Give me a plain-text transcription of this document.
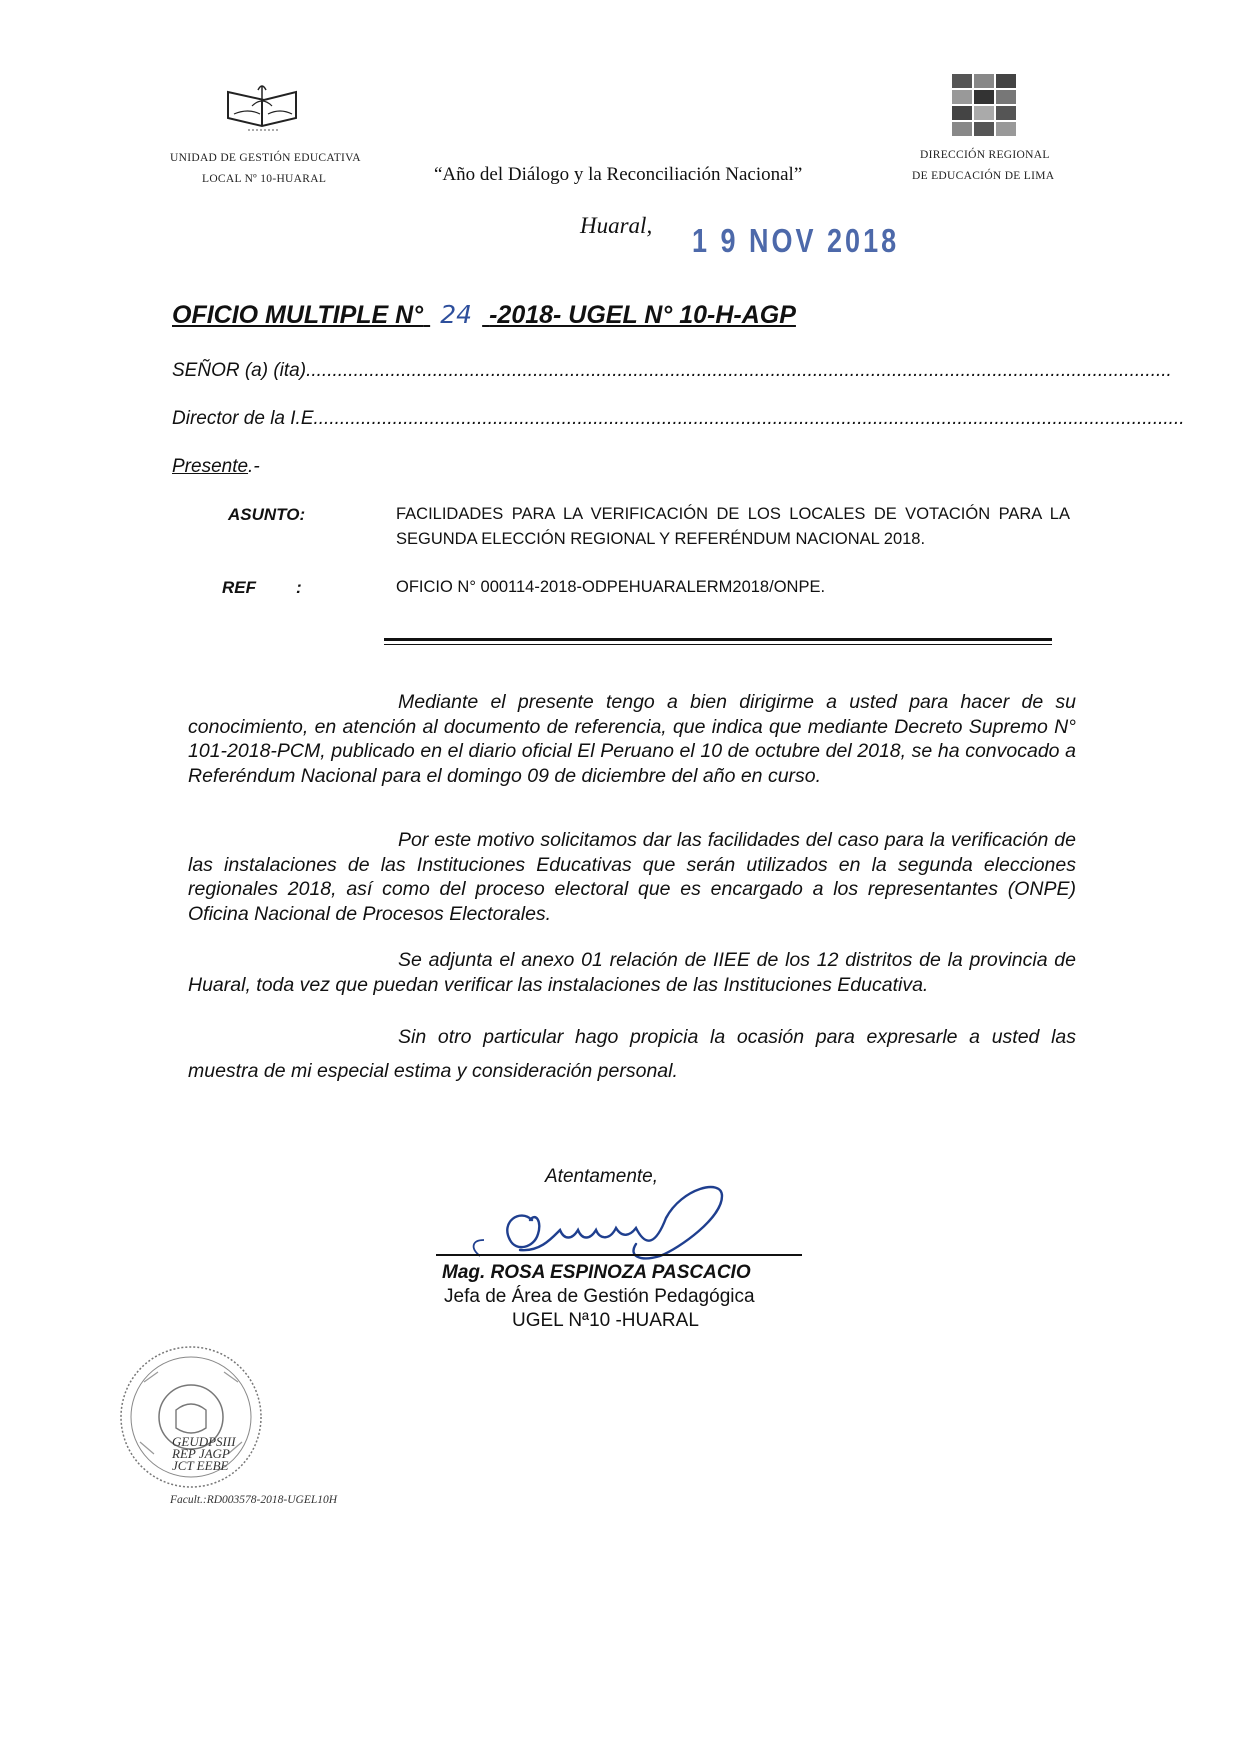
UNIDAD DE GESTIÓN EDUCATIVA
LOCAL Nº 10-HUARAL	“Año del Diálogo y la Reconciliación Nacional”
DIRECCIÓN REGIONAL
DE EDUCACIÓN DE LIMA
Huaral, 1 9 NOV 2018
OFICIO MULTIPLE N° 24 -2018- UGEL N° 10-H-AGP
SEÑOR (a) (ita)....................................................................................................................................................................
Director de la I.E.....................................................................................................................................................................
Presente.-
ASUNTO:	FACILIDADES PARA LA VERIFICACIÓN DE LOS LOCALES DE VOTACIÓN PARA LA SEGUNDA ELECCIÓN REGIONAL Y REFERÉNDUM NACIONAL 2018.
REF :	OFICIO N° 000114-2018-ODPEHUARALERM2018/ONPE.

Mediante el presente tengo a bien dirigirme a usted para hacer de su conocimiento, en atención al documento de referencia, que indica que mediante Decreto Supremo N° 101-2018-PCM, publicado en el diario oficial El Peruano el 10 de octubre del 2018, se ha convocado a Referéndum Nacional para el domingo 09 de diciembre del año en curso.

Por este motivo solicitamos dar las facilidades del caso para la verificación de las instalaciones de las Instituciones Educativas que serán utilizados en la segunda elecciones regionales 2018, así como del proceso electoral que es encargado a los representantes (ONPE) Oficina Nacional de Procesos Electorales.

Se adjunta el anexo 01 relación de IIEE de los 12 distritos de la provincia de Huaral, toda vez que puedan verificar las instalaciones de las Instituciones Educativa.

Sin otro particular hago propicia la ocasión para expresarle a usted las muestra de mi especial estima y consideración personal.

Atentamente,
Mag. ROSA ESPINOZA PASCACIO
Jefa de Área de Gestión Pedagógica
UGEL Nª10 -HUARAL
GEUDPSIII
REP JAGP
JCT EEBE
Facult.:RD003578-2018-UGEL10H
